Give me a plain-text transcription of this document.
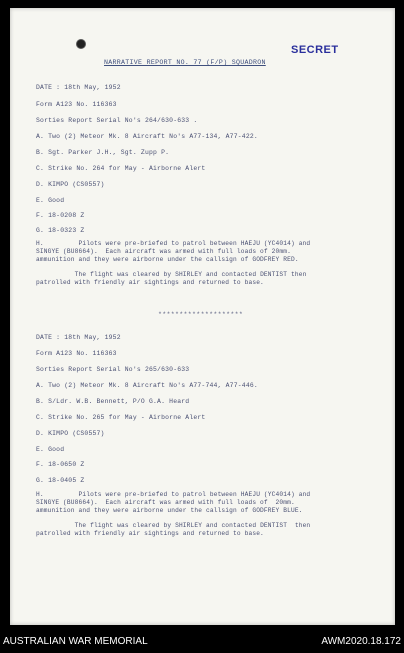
SECRET
NARRATIVE REPORT NO. 77 (F/P) SQUADRON
DATE : 18th May, 1952
Form A123 No. 116363
Sorties Report Serial No's 264/630-633 .
A. Two (2) Meteor Mk. 8 Aircraft No's A77-134, A77-422.
B. Sgt. Parker J.H., Sgt. Zupp P.
C. Strike No. 264 for May - Airborne Alert
D. KIMPO (CS0557)
E. Good
F. 18-0208 Z
G. 18-0323 Z
H.         Pilots were pre-briefed to patrol between HAEJU (YC4014) and
SINGYE (BU8664).  Each aircraft was armed with full loads of 20mm.
ammunition and they were airborne under the callsign of GODFREY RED.
The flight was cleared by SHIRLEY and contacted DENTIST then
patrolled with friendly air sightings and returned to base.
********************
DATE : 18th May, 1952
Form A123 No. 116363
Sorties Report Serial No's 265/630-633
A. Two (2) Meteor Mk. 8 Aircraft No's A77-744, A77-446.
B. S/Ldr. W.B. Bennett, P/O G.A. Heard
C. Strike No. 265 for May - Airborne Alert
D. KIMPO (CS0557)
E. Good
F. 18-0650 Z
G. 18-0405 Z
H.         Pilots were pre-briefed to patrol between HAEJU (YC4014) and
SINGYE (BU8664).  Each aircraft was armed with full loads of  20mm.
ammunition and they were airborne under the callsign of GODFREY BLUE.
The flight was cleared by SHIRLEY and contacted DENTIST  then
patrolled with friendly air sightings and returned to base.
AUSTRALIAN WAR MEMORIAL	AWM2020.18.172
